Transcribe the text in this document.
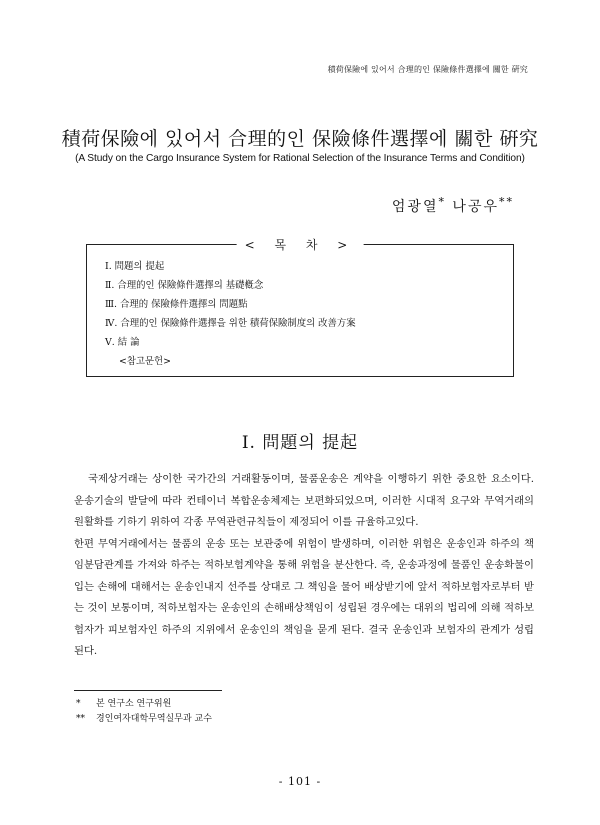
積荷保險에 있어서 合理的인 保險條件選擇에 關한 硏究
積荷保險에 있어서 合理的인 保險條件選擇에 關한 硏究
(A Study on the Cargo Insurance System for Rational Selection of the Insurance Terms and Condition)
엄광열* 나공우**
< 목 차 >
Ⅰ. 問題의 提起
Ⅱ. 合理的인 保險條件選擇의 基礎槪念
Ⅲ. 合理的 保險條件選擇의 問題點
Ⅳ. 合理的인 保險條件選擇을 위한 積荷保險制度의 改善方案
Ⅴ. 結 論
<참고문헌>
Ⅰ. 問題의 提起

국제상거래는 상이한 국가간의 거래활동이며, 물품운송은 계약을 이행하기 위한 중요한 요소이다. 운송기술의 발달에 따라 컨테이너 복합운송체제는 보편화되었으며, 이러한 시대적 요구와 무역거래의 원활화를 기하기 위하여 각종 무역관련규칙들이 제정되어 이를 규율하고있다.

한편 무역거래에서는 물품의 운송 또는 보관중에 위험이 발생하며, 이러한 위험은 운송인과 하주의 책임분담관계를 가져와 하주는 적하보험계약을 통해 위험을 분산한다. 즉, 운송과정에 물품인 운송화물이 입는 손해에 대해서는 운송인내지 선주를 상대로 그 책임을 물어 배상받기에 앞서 적하보험자로부터 받는 것이 보통이며, 적하보험자는 운송인의 손해배상책임이 성립된 경우에는 대위의 법리에 의해 적하보험자가 피보험자인 하주의 지위에서 운송인의 책임을 묻게 된다. 결국 운송인과 보험자의 관계가 성립된다.

* 본 연구소 연구위원
** 경인여자대학무역실무과 교수
- 101 -
